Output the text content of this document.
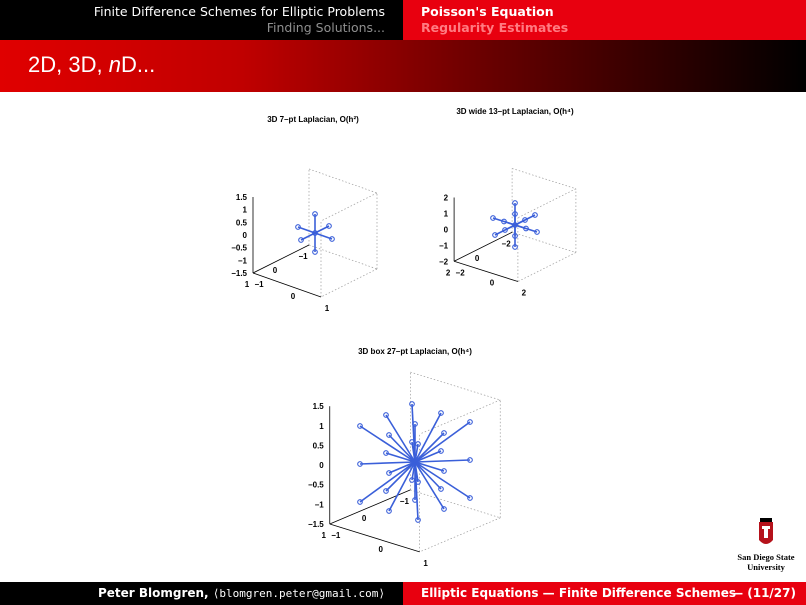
Finite Difference Schemes for Elliptic Problems
Finding Solutions...
Poisson's Equation
Regularity Estimates
2D, 3D, nD...
1.5
1
0.5
0
−0.5
−1
−1.5
1
0
−1
−1
0
1
3D 7–pt Laplacian, O(h²)
2
1
0
−1
−2
2
0
−2
−2
0
2
3D wide 13–pt Laplacian, O(h⁴)
1.5
1
0.5
0
−0.5
−1
−1.5
1
0
−1
−1
0
1
3D box 27–pt Laplacian, O(h⁴)
San Diego State
University
Peter Blomgren, ⟨blomgren.peter@gmail.com⟩	Elliptic Equations — Finite Difference Schemes
— (11/27)
